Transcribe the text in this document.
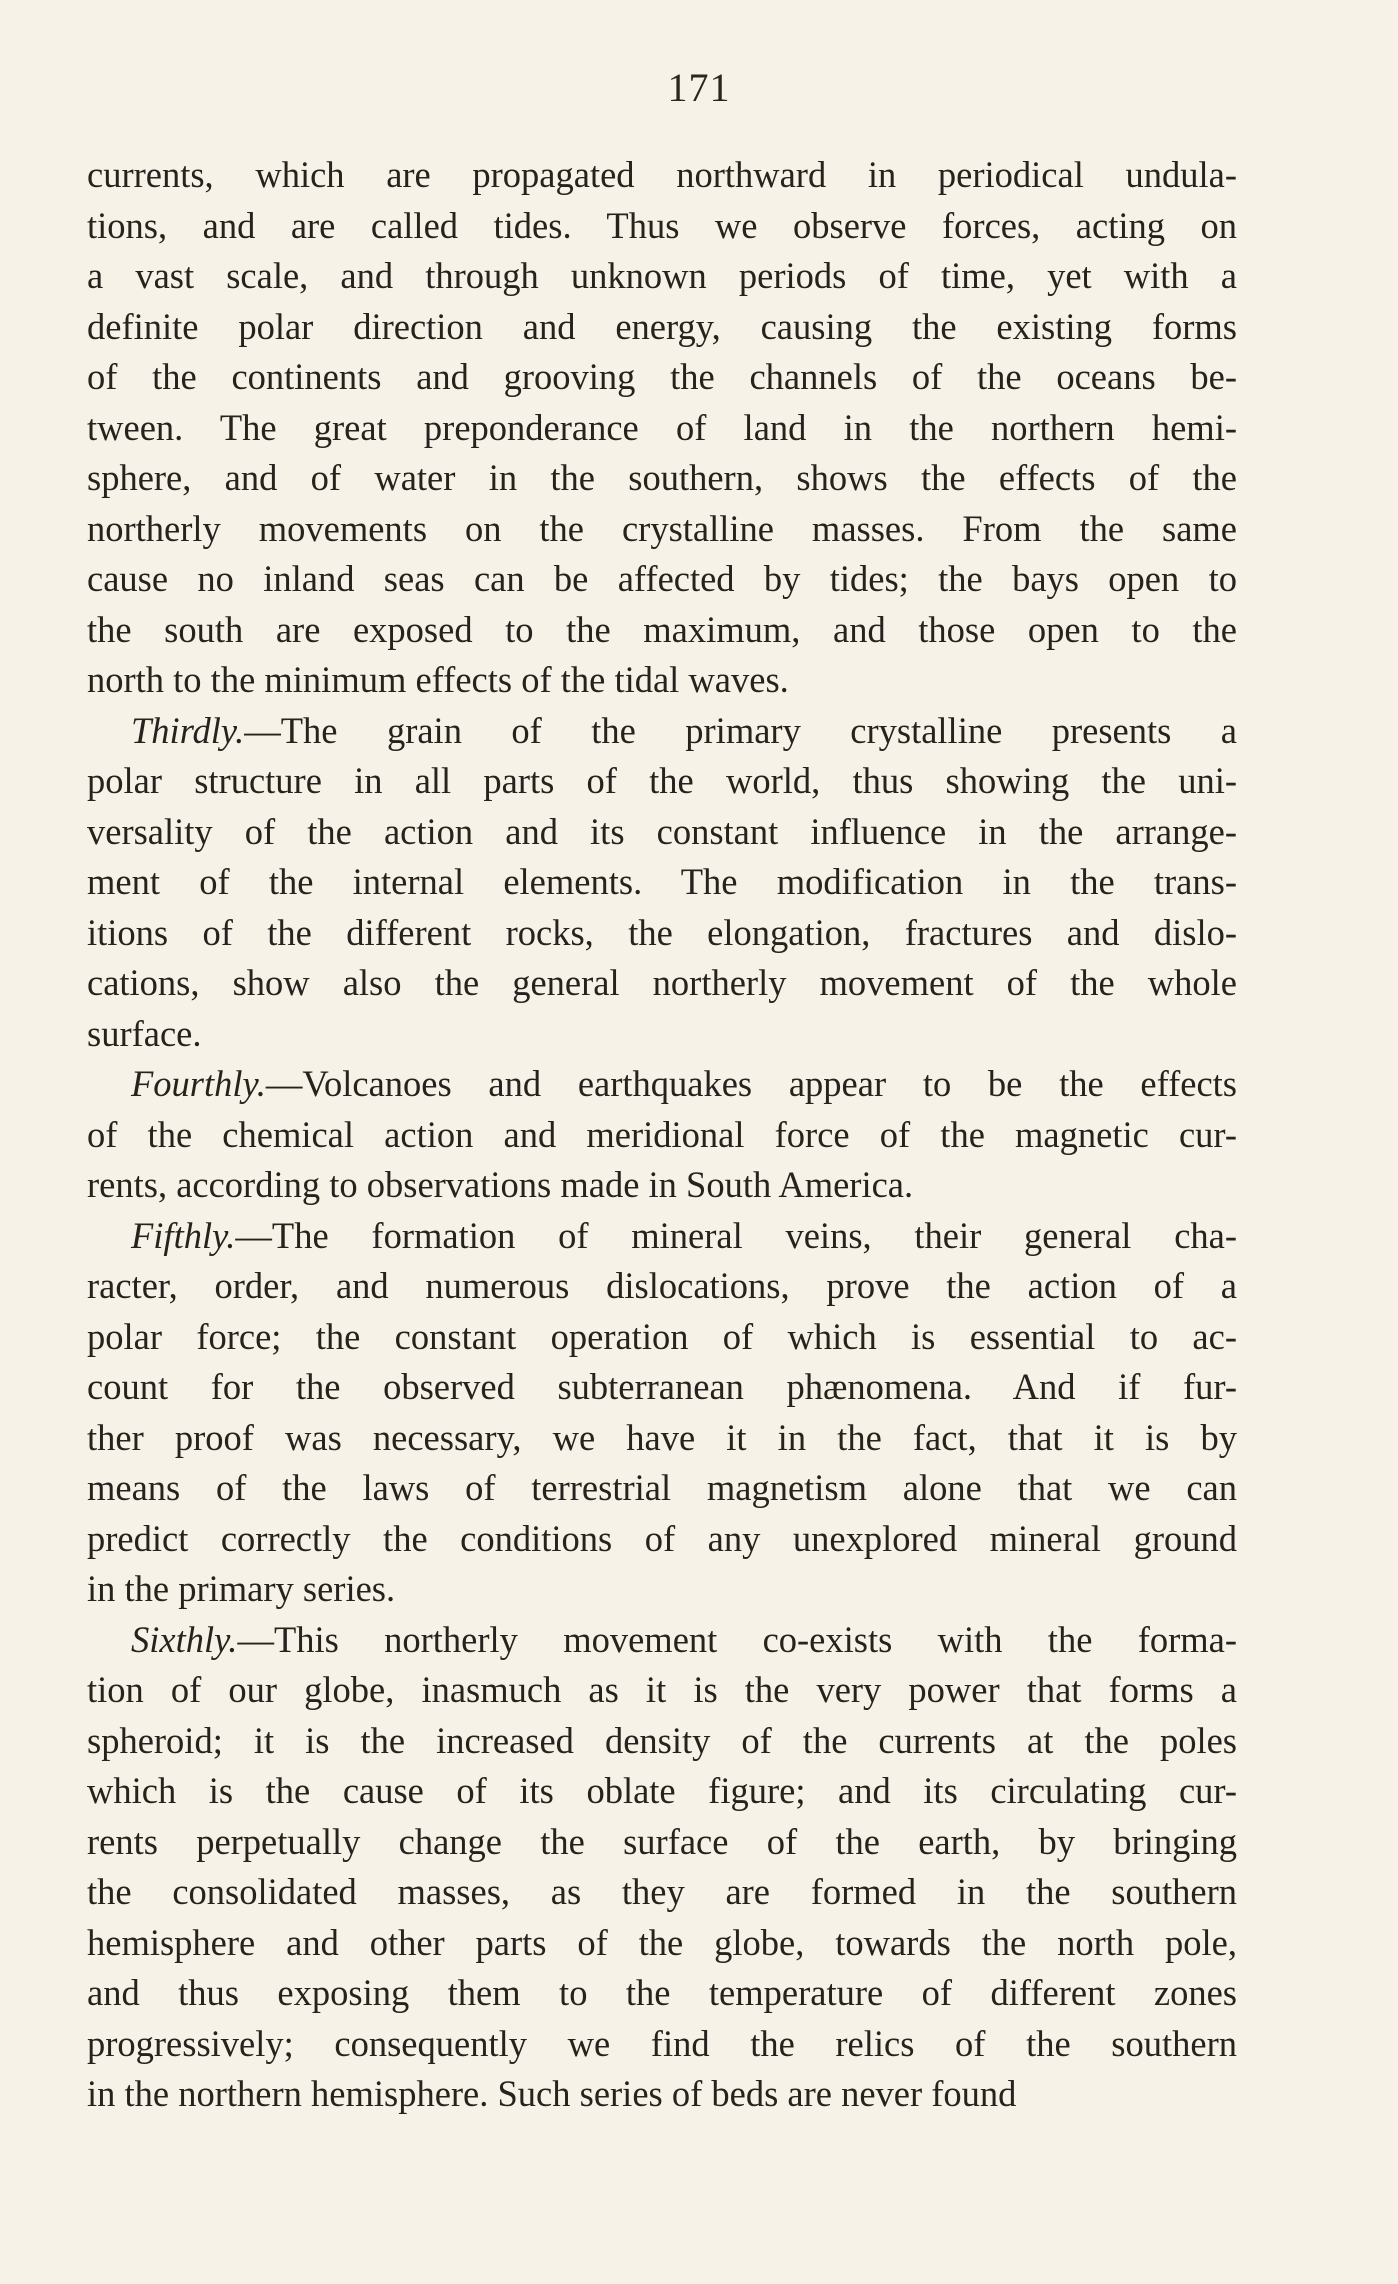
171
currents, which are propagated northward in periodical undula-
tions, and are called tides. Thus we observe forces, acting on
a vast scale, and through unknown periods of time, yet with a
definite polar direction and energy, causing the existing forms
of the continents and grooving the channels of the oceans be-
tween. The great preponderance of land in the northern hemi-
sphere, and of water in the southern, shows the effects of the
northerly movements on the crystalline masses. From the same
cause no inland seas can be affected by tides; the bays open to
the south are exposed to the maximum, and those open to the
north to the minimum effects of the tidal waves.
Thirdly.—The grain of the primary crystalline presents a
polar structure in all parts of the world, thus showing the uni-
versality of the action and its constant influence in the arrange-
ment of the internal elements. The modification in the trans-
itions of the different rocks, the elongation, fractures and dislo-
cations, show also the general northerly movement of the whole
surface.
Fourthly.—Volcanoes and earthquakes appear to be the effects
of the chemical action and meridional force of the magnetic cur-
rents, according to observations made in South America.
Fifthly.—The formation of mineral veins, their general cha-
racter, order, and numerous dislocations, prove the action of a
polar force; the constant operation of which is essential to ac-
count for the observed subterranean phænomena. And if fur-
ther proof was necessary, we have it in the fact, that it is by
means of the laws of terrestrial magnetism alone that we can
predict correctly the conditions of any unexplored mineral ground
in the primary series.
Sixthly.—This northerly movement co-exists with the forma-
tion of our globe, inasmuch as it is the very power that forms a
spheroid; it is the increased density of the currents at the poles
which is the cause of its oblate figure; and its circulating cur-
rents perpetually change the surface of the earth, by bringing
the consolidated masses, as they are formed in the southern
hemisphere and other parts of the globe, towards the north pole,
and thus exposing them to the temperature of different zones
progressively; consequently we find the relics of the southern
in the northern hemisphere. Such series of beds are never found
